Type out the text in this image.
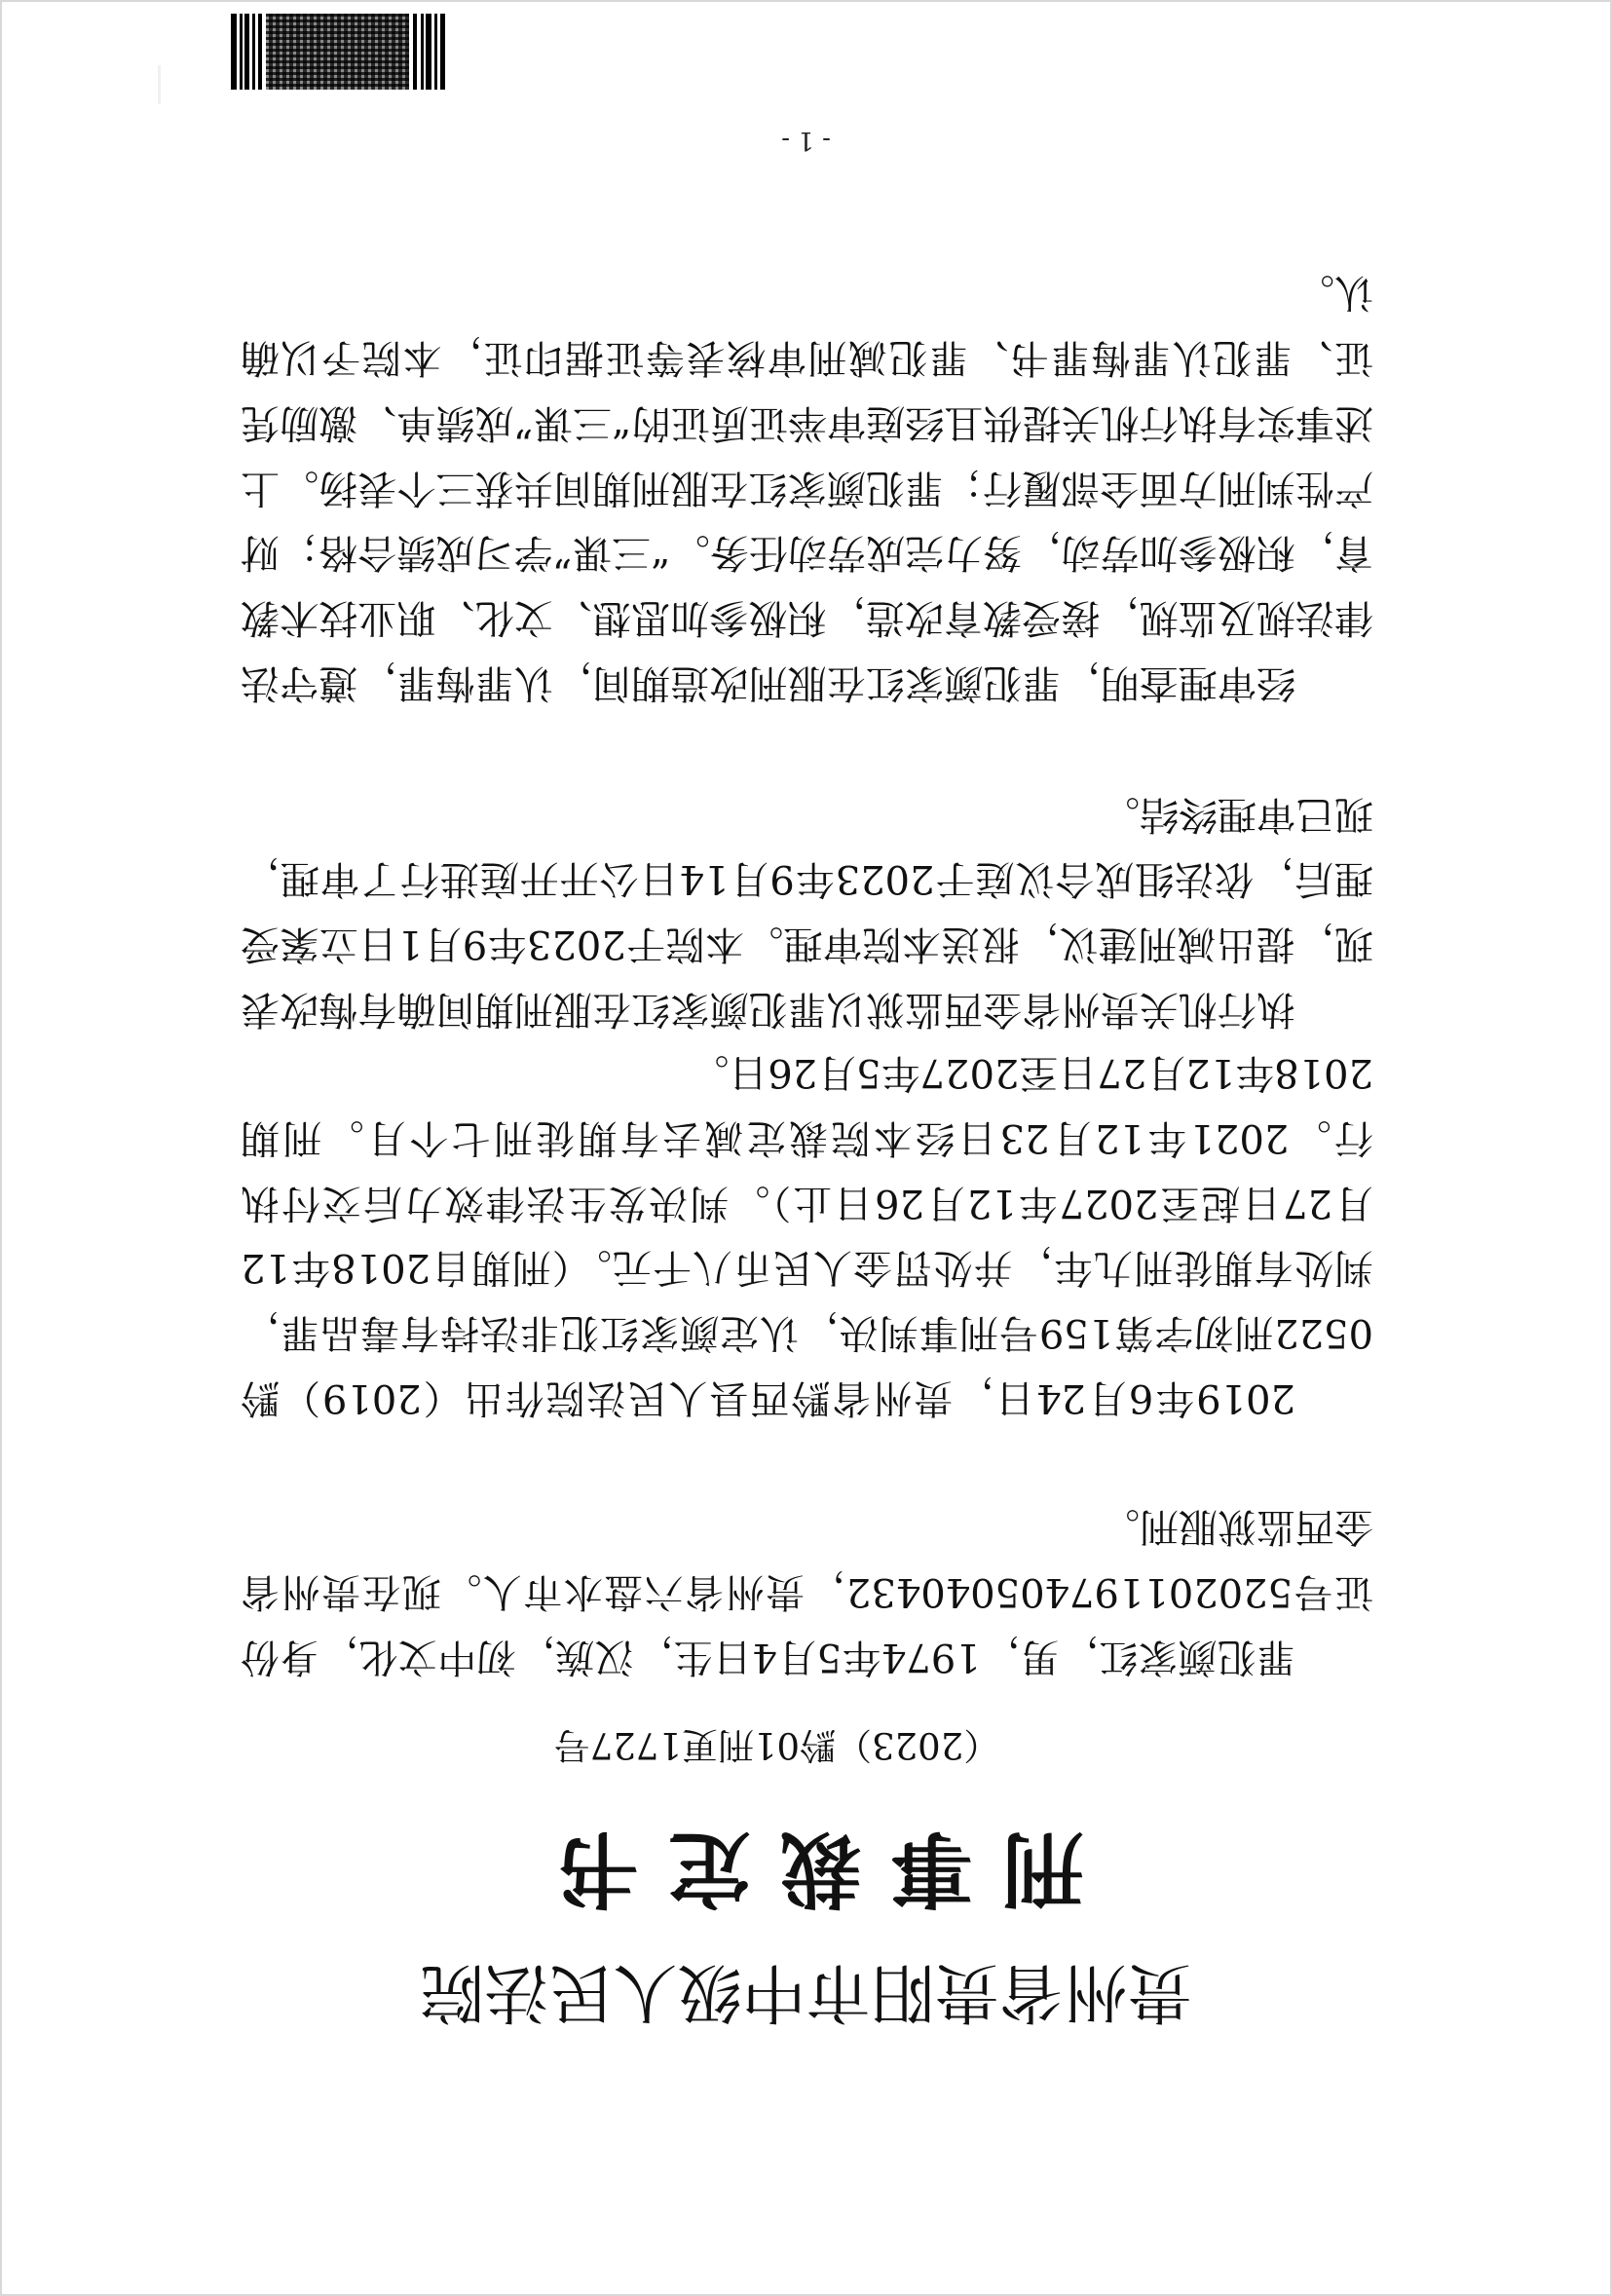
贵州省贵阳市中级人民法院
刑事裁定书
（2023）黔01刑更1727号

罪犯颜家红，男，1974年5月4日生，汉族，初中文化，身份证号520201197405040432，贵州省六盘水市人。现在贵州省金西监狱服刑。

2019年6月24日，贵州省黔西县人民法院作出（2019）黔0522刑初字第159号刑事判决，认定颜家红犯非法持有毒品罪，判处有期徒刑九年，并处罚金人民币八千元。（刑期自2018年12月27日起至2027年12月26日止）。判决发生法律效力后交付执行。2021年12月23日经本院裁定减去有期徒刑七个月。刑期2018年12月27日至2027年5月26日。

执行机关贵州省金西监狱以罪犯颜家红在服刑期间确有悔改表现，提出减刑建议，报送本院审理。本院于2023年9月1日立案受理后，依法组成合议庭于2023年9月14日公开开庭进行了审理，现已审理终结。

经审理查明，罪犯颜家红在服刑改造期间，认罪悔罪，遵守法律法规及监规，接受教育改造，积极参加思想、文化、职业技术教育，积极参加劳动，努力完成劳动任务。“三课”学习成绩合格；财产性判刑方面全部履行；罪犯颜家红在服刑期间共获三个表扬。上述事实有执行机关提供且经庭审举证质证的“三课”成绩单、激励凭证、罪犯认罪悔罪书、罪犯减刑审核表等证据印证，本院予以确认。

- 1 -
